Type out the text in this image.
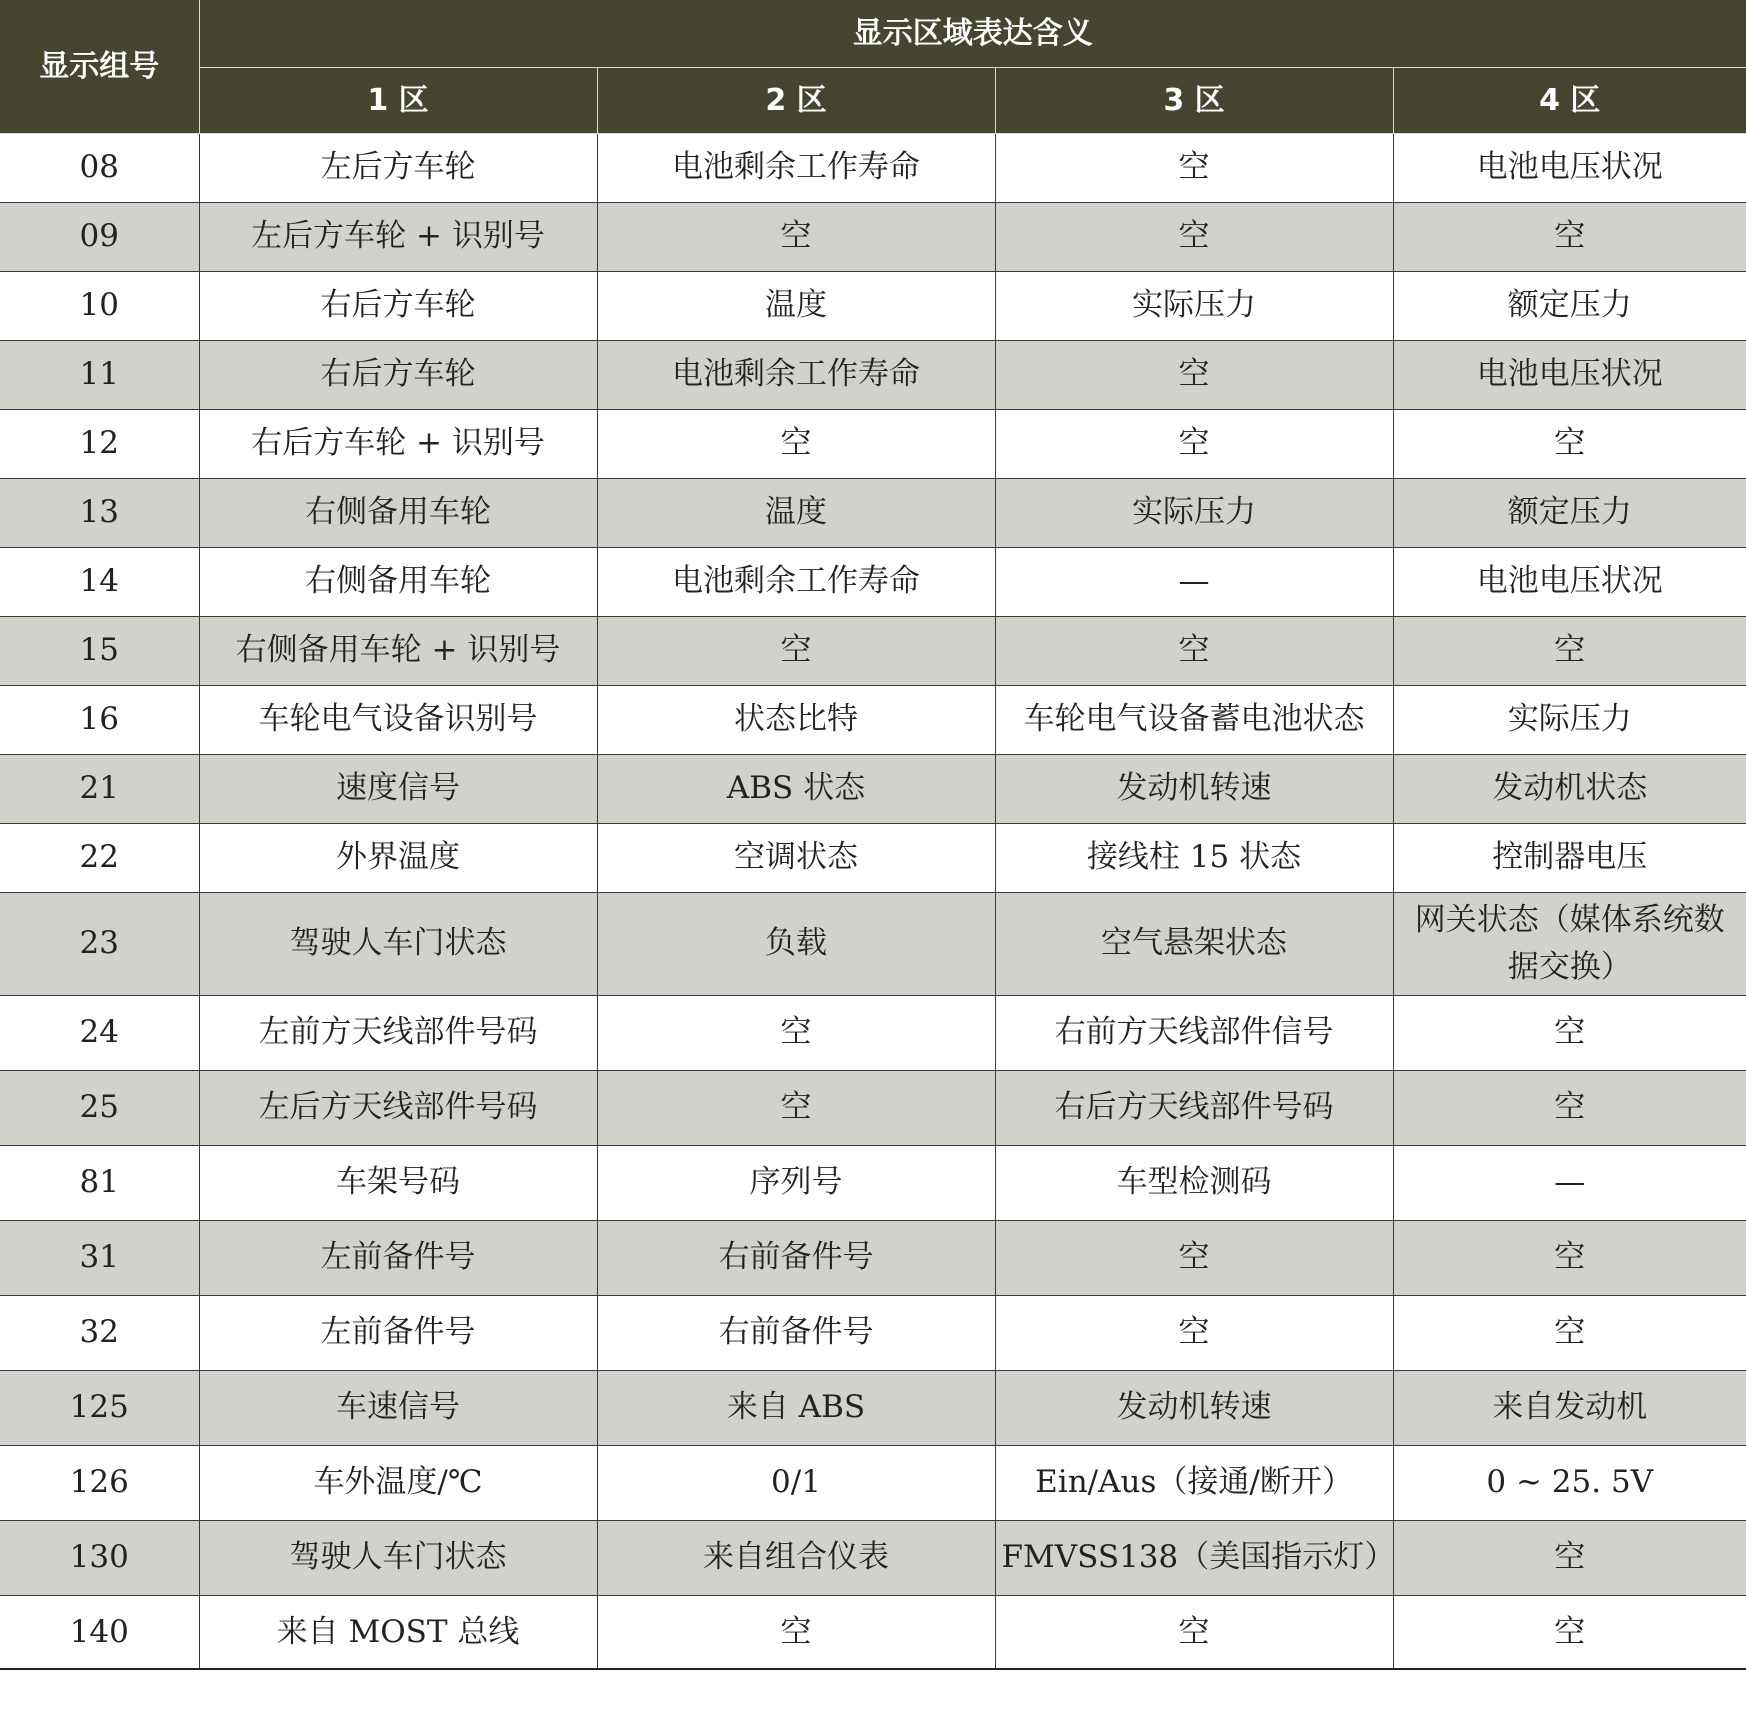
显示组号	显示区域表达含义			
	1 区	2 区	3 区	4 区
08	左后方车轮	电池剩余工作寿命	空	电池电压状况
09	左后方车轮 + 识别号	空	空	空
10	右后方车轮	温度	实际压力	额定压力
11	右后方车轮	电池剩余工作寿命	空	电池电压状况
12	右后方车轮 + 识别号	空	空	空
13	右侧备用车轮	温度	实际压力	额定压力
14	右侧备用车轮	电池剩余工作寿命	—	电池电压状况
15	右侧备用车轮 + 识别号	空	空	空
16	车轮电气设备识别号	状态比特	车轮电气设备蓄电池状态	实际压力
21	速度信号	ABS 状态	发动机转速	发动机状态
22	外界温度	空调状态	接线柱 15 状态	控制器电压
23	驾驶人车门状态	负载	空气悬架状态	网关状态（媒体系统数据交换）
24	左前方天线部件号码	空	右前方天线部件信号	空
25	左后方天线部件号码	空	右后方天线部件号码	空
81	车架号码	序列号	车型检测码	—
31	左前备件号	右前备件号	空	空
32	左前备件号	右前备件号	空	空
125	车速信号	来自 ABS	发动机转速	来自发动机
126	车外温度/℃	0/1	Ein/Aus（接通/断开）	0 ~ 25. 5V
130	驾驶人车门状态	来自组合仪表	FMVSS138（美国指示灯）	空
140	来自 MOST 总线	空	空	空
